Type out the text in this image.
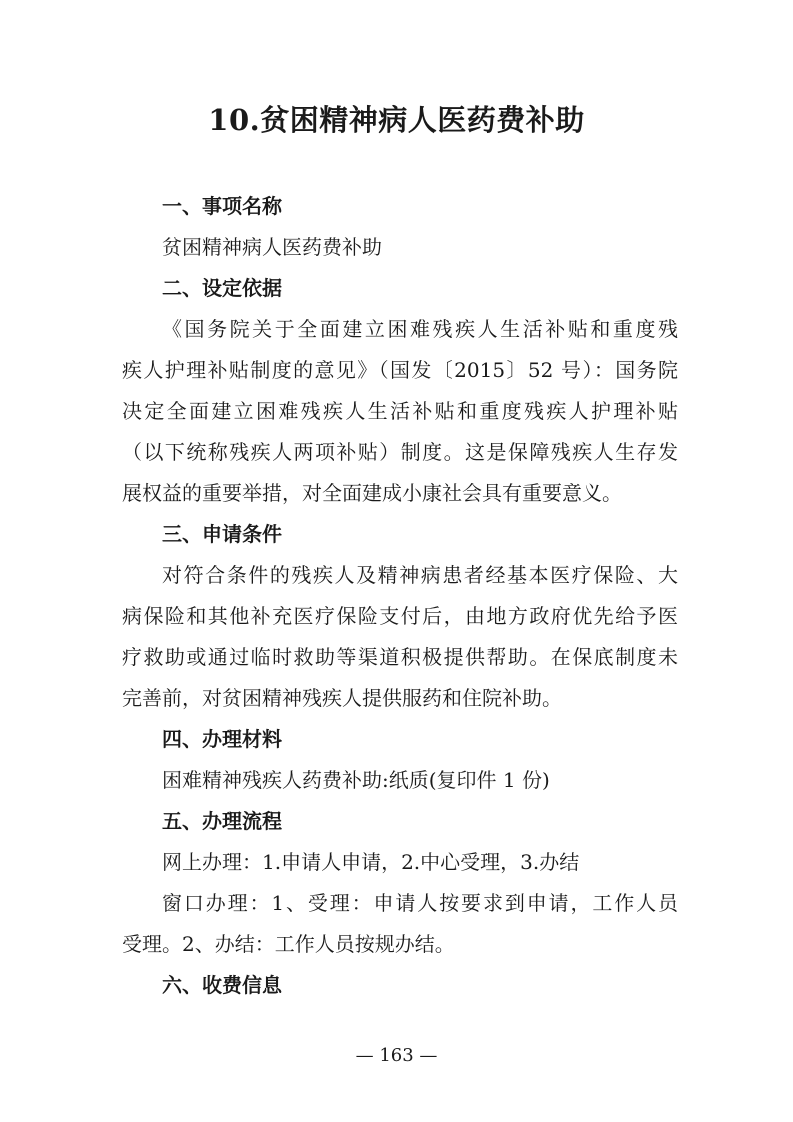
10.贫困精神病人医药费补助
一、事项名称
贫困精神病人医药费补助
二、设定依据
《国务院关于全面建立困难残疾人生活补贴和重度残
疾人护理补贴制度的意见》（国发〔2015〕52 号）：国务院
决定全面建立困难残疾人生活补贴和重度残疾人护理补贴
（以下统称残疾人两项补贴）制度。这是保障残疾人生存发
展权益的重要举措，对全面建成小康社会具有重要意义。
三、申请条件
对符合条件的残疾人及精神病患者经基本医疗保险、大
病保险和其他补充医疗保险支付后，由地方政府优先给予医
疗救助或通过临时救助等渠道积极提供帮助。在保底制度未
完善前，对贫困精神残疾人提供服药和住院补助。
四、办理材料
困难精神残疾人药费补助:纸质(复印件 1 份)
五、办理流程
网上办理：1.申请人申请，2.中心受理，3.办结
窗口办理：1、受理：申请人按要求到申请，工作人员
受理。2、办结：工作人员按规办结。
六、收费信息
— 163 —
